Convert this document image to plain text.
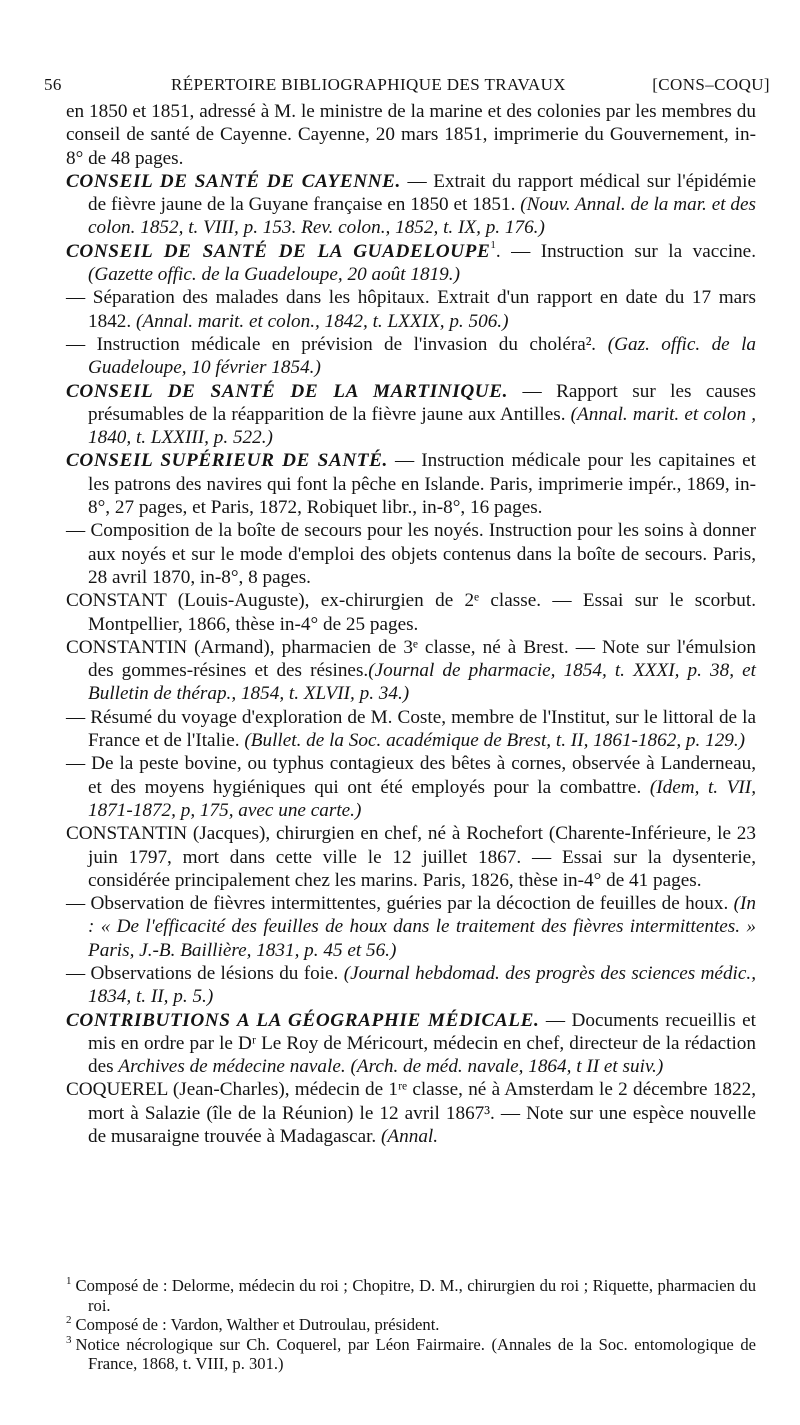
56	RÉPERTOIRE BIBLIOGRAPHIQUE DES TRAVAUX	[CONS–COQU]

en 1850 et 1851, adressé à M. le ministre de la marine et des colonies par les membres du conseil de santé de Cayenne. Cayenne, 20 mars 1851, imprimerie du Gouvernement, in-8° de 48 pages.

CONSEIL DE SANTÉ DE CAYENNE. — Extrait du rapport médical sur l'épidémie de fièvre jaune de la Guyane française en 1850 et 1851. (Nouv. Annal. de la mar. et des colon. 1852, t. VIII, p. 153. Rev. colon., 1852, t. IX, p. 176.)

CONSEIL DE SANTÉ DE LA GUADELOUPE$^1$. — Instruction sur la vaccine. (Gazette offic. de la Guadeloupe, 20 août 1819.)

— Séparation des malades dans les hôpitaux. Extrait d'un rapport en date du 17 mars 1842. (Annal. marit. et colon., 1842, t. LXXIX, p. 506.)

— Instruction médicale en prévision de l'invasion du choléra². (Gaz. offic. de la Guadeloupe, 10 février 1854.)

CONSEIL DE SANTÉ DE LA MARTINIQUE. — Rapport sur les causes présumables de la réapparition de la fièvre jaune aux Antilles. (Annal. marit. et colon , 1840, t. LXXIII, p. 522.)

CONSEIL SUPÉRIEUR DE SANTÉ. — Instruction médicale pour les capitaines et les patrons des navires qui font la pêche en Islande. Paris, imprimerie impér., 1869, in-8°, 27 pages, et Paris, 1872, Robiquet libr., in-8°, 16 pages.

— Composition de la boîte de secours pour les noyés. Instruction pour les soins à donner aux noyés et sur le mode d'emploi des objets contenus dans la boîte de secours. Paris, 28 avril 1870, in-8°, 8 pages.

CONSTANT (Louis-Auguste), ex-chirurgien de 2ᵉ classe. — Essai sur le scorbut. Montpellier, 1866, thèse in-4° de 25 pages.

CONSTANTIN (Armand), pharmacien de 3ᵉ classe, né à Brest. — Note sur l'émulsion des gommes-résines et des résines.(Journal de pharmacie, 1854, t. XXXI, p. 38, et Bulletin de thérap., 1854, t. XLVII, p. 34.)

— Résumé du voyage d'exploration de M. Coste, membre de l'Institut, sur le littoral de la France et de l'Italie. (Bullet. de la Soc. académique de Brest, t. II, 1861-1862, p. 129.)

— De la peste bovine, ou typhus contagieux des bêtes à cornes, observée à Landerneau, et des moyens hygiéniques qui ont été employés pour la combattre. (Idem, t. VII, 1871-1872, p, 175, avec une carte.)

CONSTANTIN (Jacques), chirurgien en chef, né à Rochefort (Charente-Inférieure, le 23 juin 1797, mort dans cette ville le 12 juillet 1867. — Essai sur la dysenterie, considérée principalement chez les marins. Paris, 1826, thèse in-4° de 41 pages.

— Observation de fièvres intermittentes, guéries par la décoction de feuilles de houx. (In : « De l'efficacité des feuilles de houx dans le traitement des fièvres intermittentes. » Paris, J.-B. Baillière, 1831, p. 45 et 56.)

— Observations de lésions du foie. (Journal hebdomad. des progrès des sciences médic., 1834, t. II, p. 5.)

CONTRIBUTIONS A LA GÉOGRAPHIE MÉDICALE. — Documents recueillis et mis en ordre par le Dʳ Le Roy de Méricourt, médecin en chef, directeur de la rédaction des Archives de médecine navale. (Arch. de méd. navale, 1864, t II et suiv.)

COQUEREL (Jean-Charles), médecin de 1ʳᵉ classe, né à Amsterdam le 2 décembre 1822, mort à Salazie (île de la Réunion) le 12 avril 1867³. — Note sur une espèce nouvelle de musaraigne trouvée à Madagascar. (Annal.

$^1$ Composé de : Delorme, médecin du roi ; Chopitre, D. M., chirurgien du roi ; Riquette, pharmacien du roi.

$^2$ Composé de : Vardon, Walther et Dutroulau, président.

$^3$ Notice nécrologique sur Ch. Coquerel, par Léon Fairmaire. (Annales de la Soc. entomologique de France, 1868, t. VIII, p. 301.)
